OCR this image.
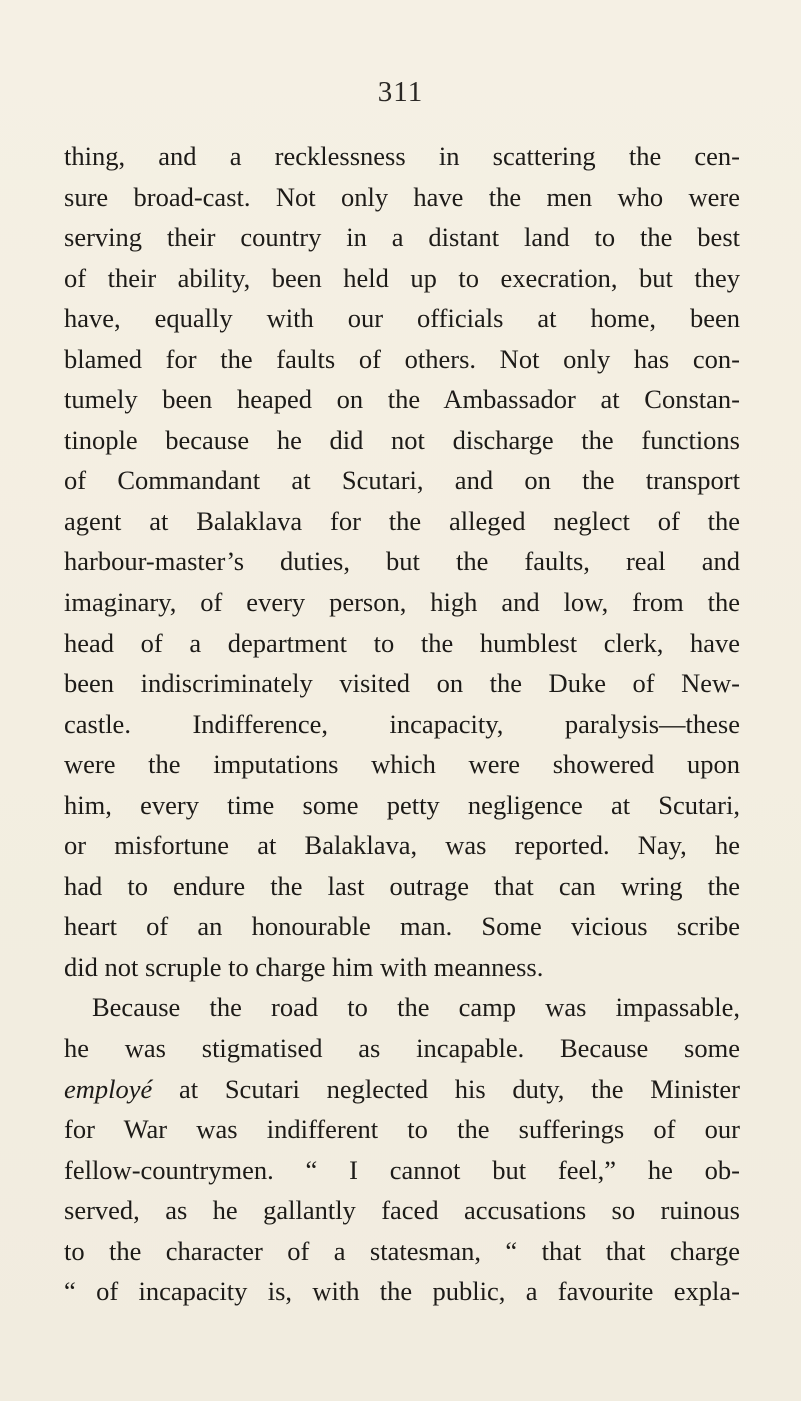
311
thing, and a recklessness in scattering the cen-
sure broad-cast. Not only have the men who were
serving their country in a distant land to the best
of their ability, been held up to execration, but they
have, equally with our officials at home, been
blamed for the faults of others. Not only has con-
tumely been heaped on the Ambassador at Constan-
tinople because he did not discharge the functions
of Commandant at Scutari, and on the transport
agent at Balaklava for the alleged neglect of the
harbour-master’s duties, but the faults, real and
imaginary, of every person, high and low, from the
head of a department to the humblest clerk, have
been indiscriminately visited on the Duke of New-
castle. Indifference, incapacity, paralysis—these
were the imputations which were showered upon
him, every time some petty negligence at Scutari,
or misfortune at Balaklava, was reported. Nay, he
had to endure the last outrage that can wring the
heart of an honourable man. Some vicious scribe
did not scruple to charge him with meanness.
Because the road to the camp was impassable,
he was stigmatised as incapable. Because some
employé at Scutari neglected his duty, the Minister
for War was indifferent to the sufferings of our
fellow-countrymen. “ I cannot but feel,” he ob-
served, as he gallantly faced accusations so ruinous
to the character of a statesman, “ that that charge
“ of incapacity is, with the public, a favourite expla-
